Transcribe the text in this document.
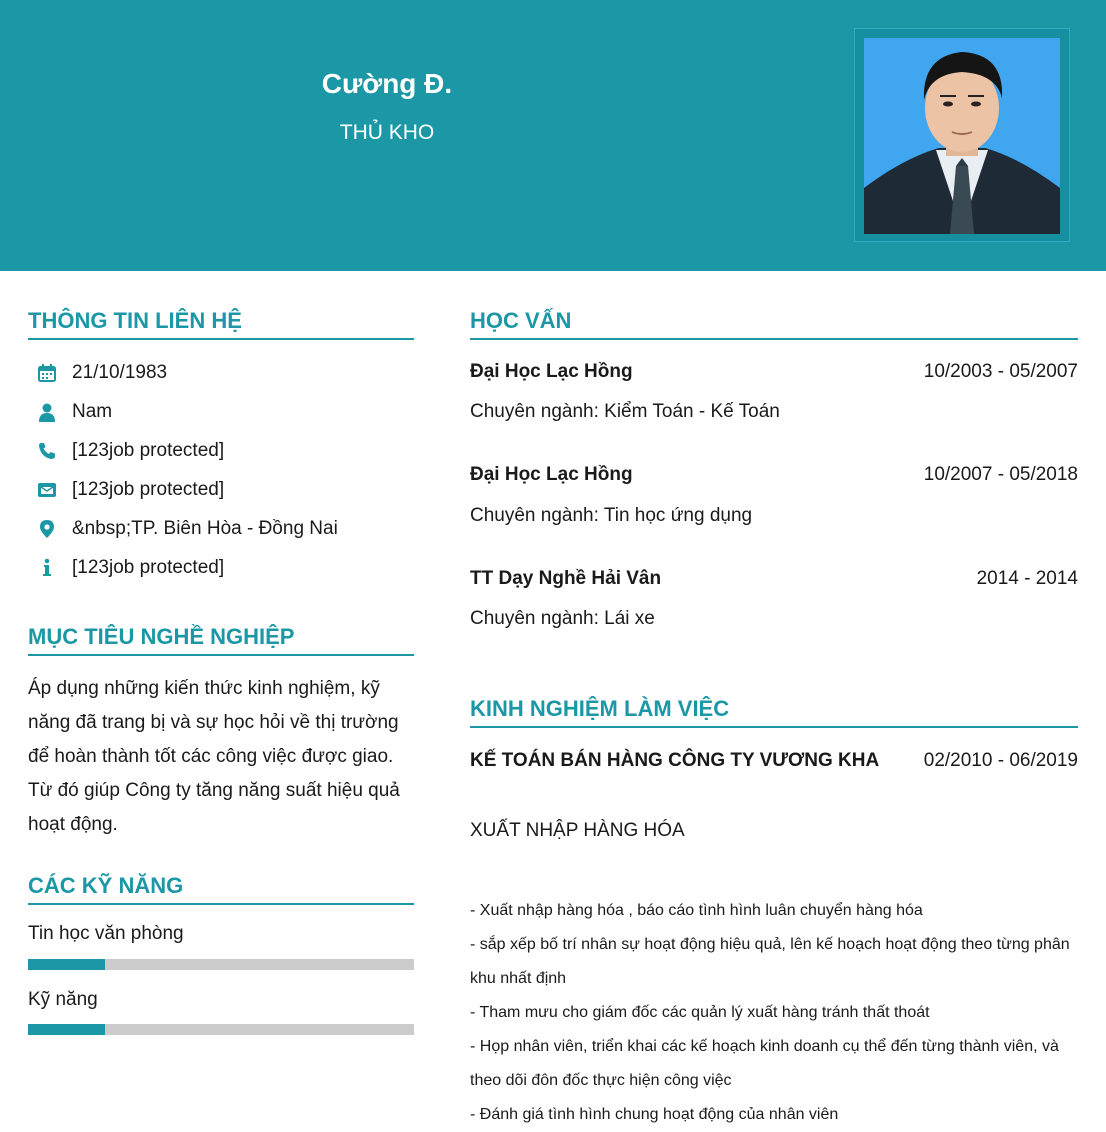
Cường Đ.
THỦ KHO
THÔNG TIN LIÊN HỆ
21/10/1983
Nam
[123job protected]
[123job protected]
&nbsp;TP. Biên Hòa - Đồng Nai
[123job protected]
MỤC TIÊU NGHỀ NGHIỆP
Áp dụng những kiến thức kinh nghiệm, kỹ năng đã trang bị và sự học hỏi về thị trường để hoàn thành tốt các công việc được giao. Từ đó giúp Công ty tăng năng suất hiệu quả hoạt động.
CÁC KỸ NĂNG
Tin học văn phòng
Kỹ năng
HỌC VẤN
Đại Học Lạc Hồng	10/2003 - 05/2007
Chuyên ngành: Kiểm Toán - Kế Toán
Đại Học Lạc Hồng	10/2007 - 05/2018
Chuyên ngành: Tin học ứng dụng
TT Dạy Nghề Hải Vân	2014 - 2014
Chuyên ngành: Lái xe
KINH NGHIỆM LÀM VIỆC
KẾ TOÁN BÁN HÀNG CÔNG TY VƯƠNG KHA 02/2010 - 06/2019
XUẤT NHẬP HÀNG HÓA
- Xuất nhập hàng hóa , báo cáo tình hình luân chuyển hàng hóa
- sắp xếp bố trí nhân sự hoạt động hiệu quả, lên kế hoạch hoạt động theo từng phân khu nhất định
- Tham mưu cho giám đốc các quản lý xuất hàng tránh thất thoát
- Họp nhân viên, triển khai các kế hoạch kinh doanh cụ thể đến từng thành viên, và theo dõi đôn đốc thực hiện công việc
- Đánh giá tình hình chung hoạt động của nhân viên
